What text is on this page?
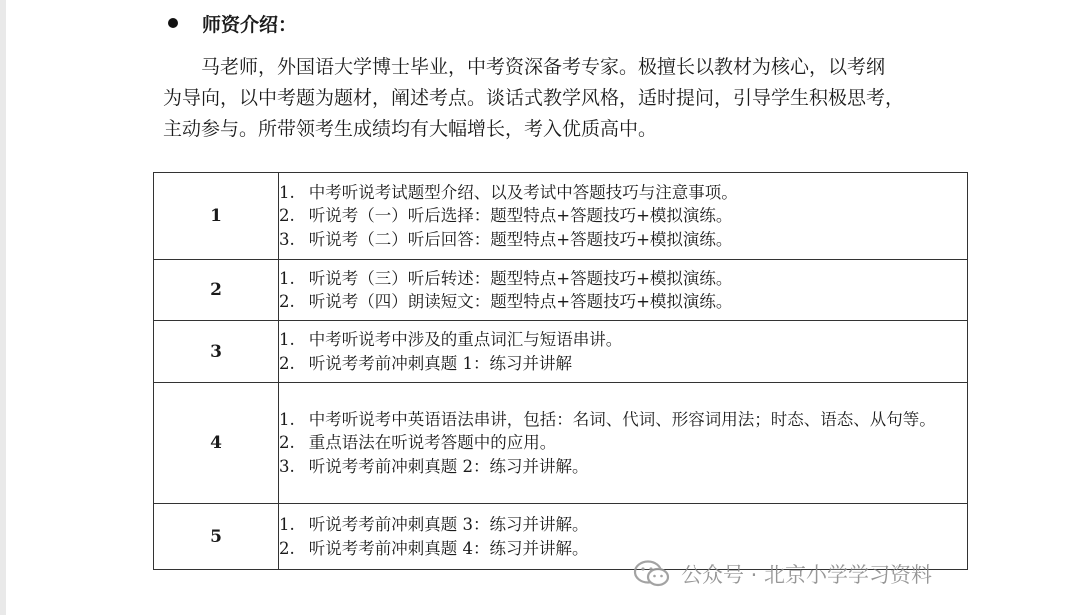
师资介绍：
马老师，外国语大学博士毕业，中考资深备考专家。极擅长以教材为核心，以考纲
为导向，以中考题为题材，阐述考点。谈话式教学风格，适时提问，引导学生积极思考，
主动参与。所带领考生成绩均有大幅增长，考入优质高中。
1	1. 中考听说考试题型介绍、以及考试中答题技巧与注意事项。
2. 听说考（一）听后选择：题型特点+答题技巧+模拟演练。
3. 听说考（二）听后回答：题型特点+答题技巧+模拟演练。

2	1. 听说考（三）听后转述：题型特点+答题技巧+模拟演练。
2. 听说考（四）朗读短文：题型特点+答题技巧+模拟演练。

3	1. 中考听说考中涉及的重点词汇与短语串讲。
2. 听说考考前冲刺真题 1：练习并讲解

4	1. 中考听说考中英语语法串讲，包括：名词、代词、形容词用法；时态、语态、从句等。
2. 重点语法在听说考答题中的应用。
3. 听说考考前冲刺真题 2：练习并讲解。

5	1. 听说考考前冲刺真题 3：练习并讲解。
2. 听说考考前冲刺真题 4：练习并讲解。
公众号 · 北京小学学习资料
